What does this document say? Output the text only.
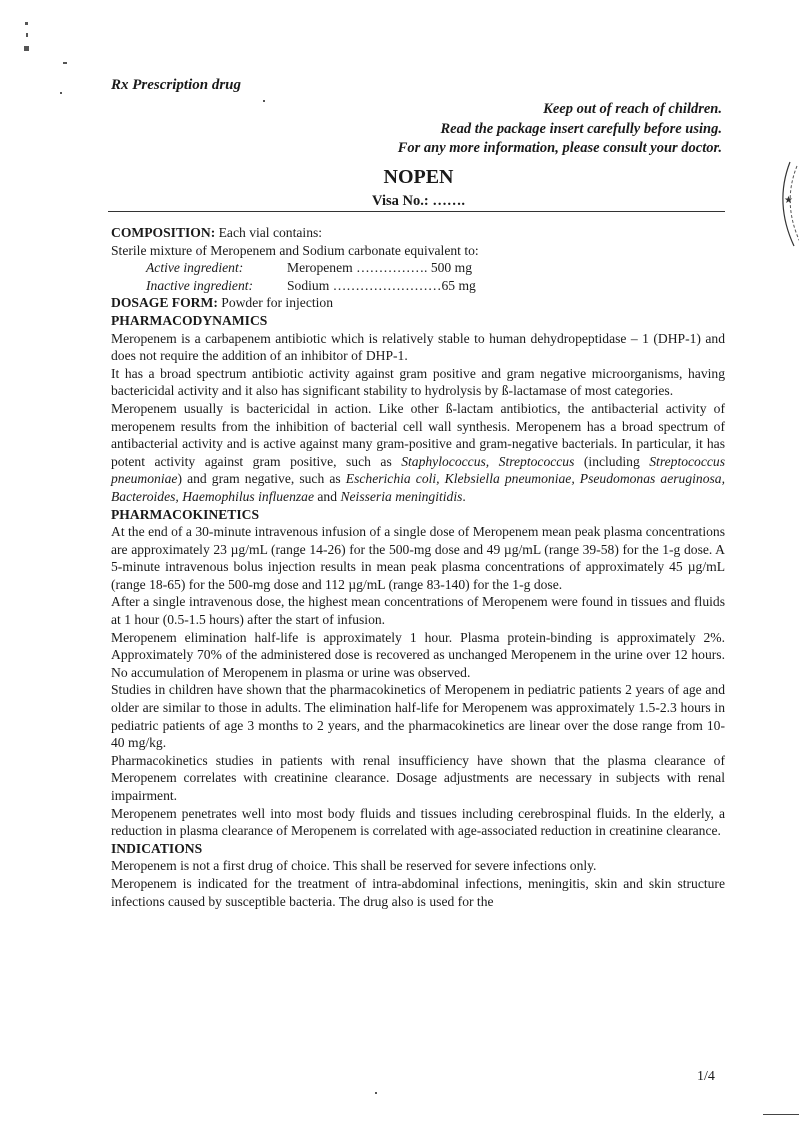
Rx Prescription drug
Keep out of reach of children.
Read the package insert carefully before using.
For any more information, please consult your doctor.
NOPEN
Visa No.: …….	★

COMPOSITION: Each vial contains:

Sterile mixture of Meropenem and Sodium carbonate equivalent to:

Active ingredient:	Meropenem ……………. 500 mg

Inactive ingredient: Sodium ……………………65 mg

DOSAGE FORM: Powder for injection

PHARMACODYNAMICS

Meropenem is a carbapenem antibiotic which is relatively stable to human dehydropeptidase – 1 (DHP-1) and does not require the addition of an inhibitor of DHP-1.

It has a broad spectrum antibiotic activity against gram positive and gram negative microorganisms, having bactericidal activity and it also has significant stability to hydrolysis by ß-lactamase of most categories.

Meropenem usually is bactericidal in action. Like other ß-lactam antibiotics, the antibacterial activity of meropenem results from the inhibition of bacterial cell wall synthesis. Meropenem has a broad spectrum of antibacterial activity and is active against many gram-positive and gram-negative bacterials. In particular, it has potent activity against gram positive, such as Staphylococcus, Streptococcus (including Streptococcus pneumoniae) and gram negative, such as Escherichia coli, Klebsiella pneumoniae, Pseudomonas aeruginosa, Bacteroides, Haemophilus influenzae and Neisseria meningitidis.

PHARMACOKINETICS

At the end of a 30-minute intravenous infusion of a single dose of Meropenem mean peak plasma concentrations are approximately 23 µg/mL (range 14-26) for the 500-mg dose and 49 µg/mL (range 39-58) for the 1-g dose. A 5-minute intravenous bolus injection results in mean peak plasma concentrations of approximately 45 µg/mL (range 18-65) for the 500-mg dose and 112 µg/mL (range 83-140) for the 1-g dose.

After a single intravenous dose, the highest mean concentrations of Meropenem were found in tissues and fluids at 1 hour (0.5-1.5 hours) after the start of infusion.

Meropenem elimination half-life is approximately 1 hour. Plasma protein-binding is approximately 2%. Approximately 70% of the administered dose is recovered as unchanged Meropenem in the urine over 12 hours. No accumulation of Meropenem in plasma or urine was observed.

Studies in children have shown that the pharmacokinetics of Meropenem in pediatric patients 2 years of age and older are similar to those in adults. The elimination half-life for Meropenem was approximately 1.5-2.3 hours in pediatric patients of age 3 months to 2 years, and the pharmacokinetics are linear over the dose range from 10-40 mg/kg.

Pharmacokinetics studies in patients with renal insufficiency have shown that the plasma clearance of Meropenem correlates with creatinine clearance. Dosage adjustments are necessary in subjects with renal impairment.

Meropenem penetrates well into most body fluids and tissues including cerebrospinal fluids. In the elderly, a reduction in plasma clearance of Meropenem is correlated with age-associated reduction in creatinine clearance.

INDICATIONS

Meropenem is not a first drug of choice. This shall be reserved for severe infections only.

Meropenem is indicated for the treatment of intra-abdominal infections, meningitis, skin and skin structure infections caused by susceptible bacteria. The drug also is used for the

1/4
